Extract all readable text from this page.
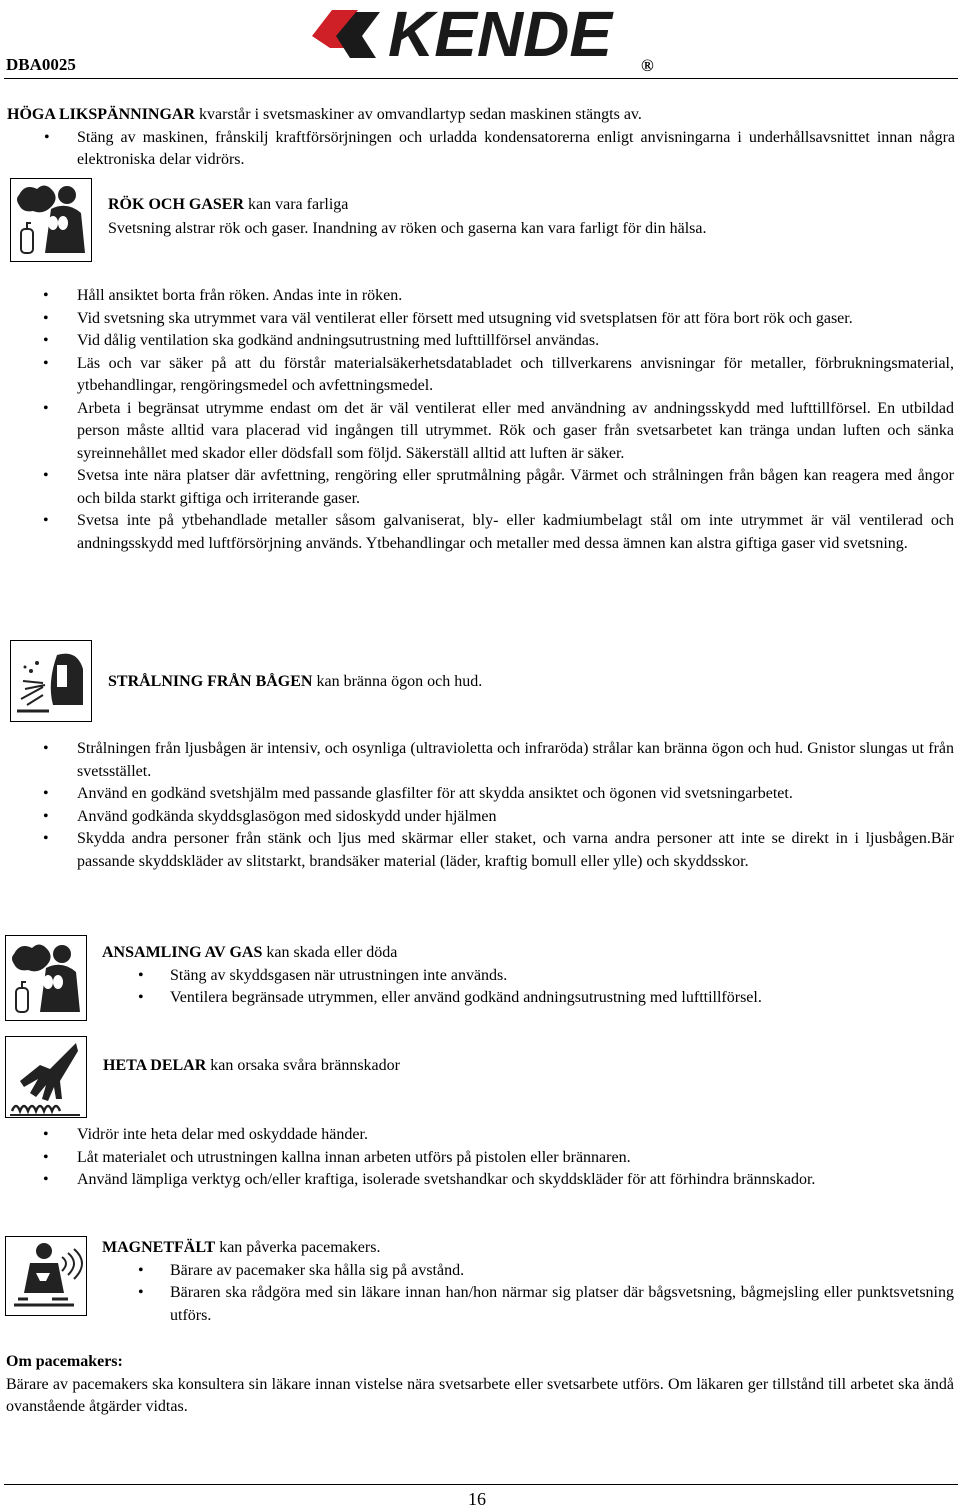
DBA0025	KENDE ®
HÖGA LIKSPÄNNINGAR kvarstår i svetsmaskiner av omvandlartyp sedan maskinen stängts av.
• Stäng av maskinen, frånskilj kraftförsörjningen och urladda kondensatorerna enligt anvisningarna i underhållsavsnittet innan några elektroniska delar vidrörs.
RÖK OCH GASER kan vara farliga
Svetsning alstrar rök och gaser. Inandning av röken och gaserna kan vara farligt för din hälsa.
• Håll ansiktet borta från röken. Andas inte in röken.
• Vid svetsning ska utrymmet vara väl ventilerat eller försett med utsugning vid svetsplatsen för att föra bort rök och gaser.
• Vid dålig ventilation ska godkänd andningsutrustning med lufttillförsel användas.
• Läs och var säker på att du förstår materialsäkerhetsdatabladet och tillverkarens anvisningar för metaller, förbrukningsmaterial, ytbehandlingar, rengöringsmedel och avfettningsmedel.
• Arbeta i begränsat utrymme endast om det är väl ventilerat eller med användning av andningsskydd med lufttillförsel. En utbildad person måste alltid vara placerad vid ingången till utrymmet. Rök och gaser från svetsarbetet kan tränga undan luften och sänka syreinnehållet med skador eller dödsfall som följd. Säkerställ alltid att luften är säker.
• Svetsa inte nära platser där avfettning, rengöring eller sprutmålning pågår. Värmet och strålningen från bågen kan reagera med ångor och bilda starkt giftiga och irriterande gaser.
• Svetsa inte på ytbehandlade metaller såsom galvaniserat, bly- eller kadmiumbelagt stål om inte utrymmet är väl ventilerad och andningsskydd med luftförsörjning används. Ytbehandlingar och metaller med dessa ämnen kan alstra giftiga gaser vid svetsning.
STRÅLNING FRÅN BÅGEN kan bränna ögon och hud.
• Strålningen från ljusbågen är intensiv, och osynliga (ultravioletta och infraröda) strålar kan bränna ögon och hud. Gnistor slungas ut från svetsstället.
• Använd en godkänd svetshjälm med passande glasfilter för att skydda ansiktet och ögonen vid svetsningarbetet.
• Använd godkända skyddsglasögon med sidoskydd under hjälmen
• Skydda andra personer från stänk och ljus med skärmar eller staket, och varna andra personer att inte se direkt in i ljusbågen.Bär passande skyddskläder av slitstarkt, brandsäker material (läder, kraftig bomull eller ylle) och skyddsskor.
ANSAMLING AV GAS kan skada eller döda
• Stäng av skyddsgasen när utrustningen inte används.
• Ventilera begränsade utrymmen, eller använd godkänd andningsutrustning med lufttillförsel.
HETA DELAR kan orsaka svåra brännskador
• Vidrör inte heta delar med oskyddade händer.
• Låt materialet och utrustningen kallna innan arbeten utförs på pistolen eller brännaren.
• Använd lämpliga verktyg och/eller kraftiga, isolerade svetshandkar och skyddskläder för att förhindra brännskador.
MAGNETFÄLT kan påverka pacemakers.
• Bärare av pacemaker ska hålla sig på avstånd.
• Bäraren ska rådgöra med sin läkare innan han/hon närmar sig platser där bågsvetsning, bågmejsling eller punktsvetsning utförs.
Om pacemakers:
Bärare av pacemakers ska konsultera sin läkare innan vistelse nära svetsarbete eller svetsarbete utförs. Om läkaren ger tillstånd till arbetet ska ändå ovanstående åtgärder vidtas.
16
